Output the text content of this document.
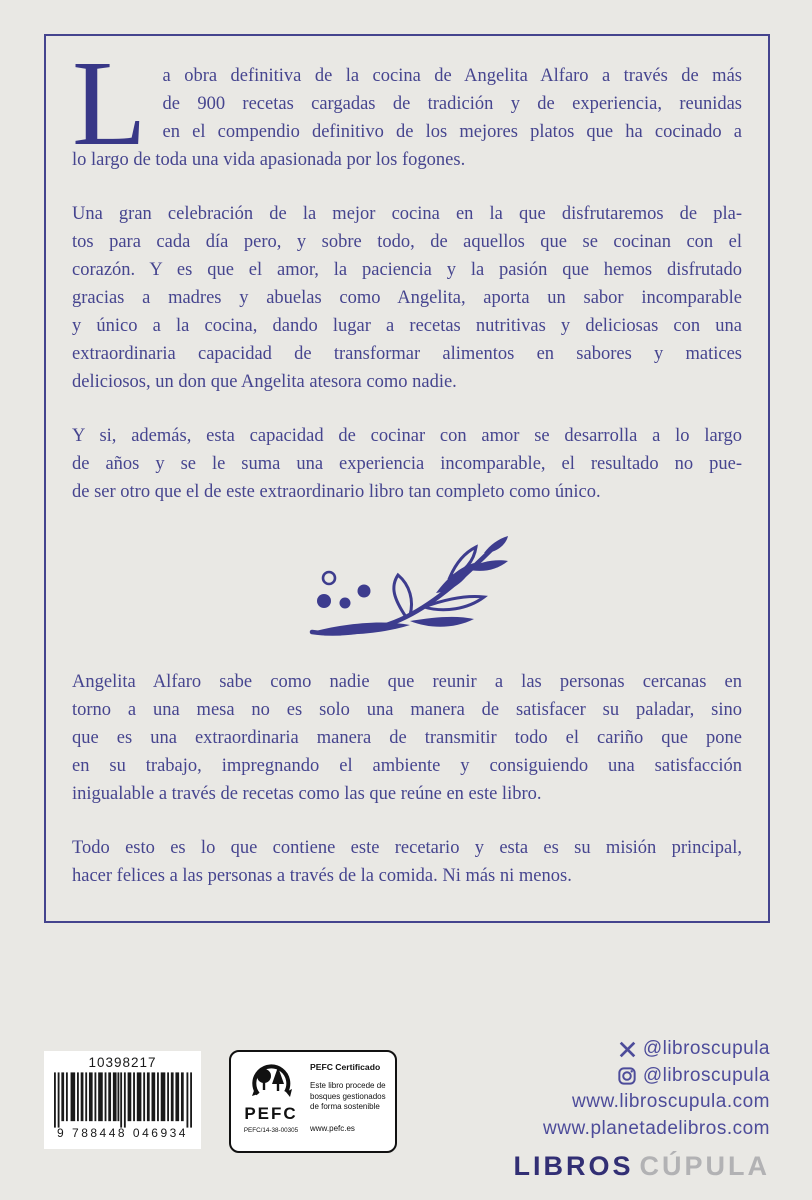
L a obra definitiva de la cocina de Angelita Alfaro a través de más
de 900 recetas cargadas de tradición y de experiencia, reunidas
en el compendio definitivo de los mejores platos que ha cocinado a
lo largo de toda una vida apasionada por los fogones.

Una gran celebración de la mejor cocina en la que disfrutaremos de pla-
tos para cada día pero, y sobre todo, de aquellos que se cocinan con el
corazón. Y es que el amor, la paciencia y la pasión que hemos disfrutado
gracias a madres y abuelas como Angelita, aporta un sabor incomparable
y único a la cocina, dando lugar a recetas nutritivas y deliciosas con una
extraordinaria capacidad de transformar alimentos en sabores y matices
deliciosos, un don que Angelita atesora como nadie.

Y si, además, esta capacidad de cocinar con amor se desarrolla a lo largo
de años y se le suma una experiencia incomparable, el resultado no pue-
de ser otro que el de este extraordinario libro tan completo como único.

Angelita Alfaro sabe como nadie que reunir a las personas cercanas en
torno a una mesa no es solo una manera de satisfacer su paladar, sino
que es una extraordinaria manera de transmitir todo el cariño que pone
en su trabajo, impregnando el ambiente y consiguiendo una satisfacción
inigualable a través de recetas como las que reúne en este libro.

Todo esto es lo que contiene este recetario y esta es su misión principal,
hacer felices a las personas a través de la comida. Ni más ni menos.

10398217
9 788448 046934
PEFC
PEFC/14-38-00305
PEFC Certificado
Este libro procede de bosques gestionados de forma sostenible
www.pefc.es
@libroscupula
@libroscupula
www.libroscupula.com
www.planetadelibros.com
LIBROS CÚPULA
